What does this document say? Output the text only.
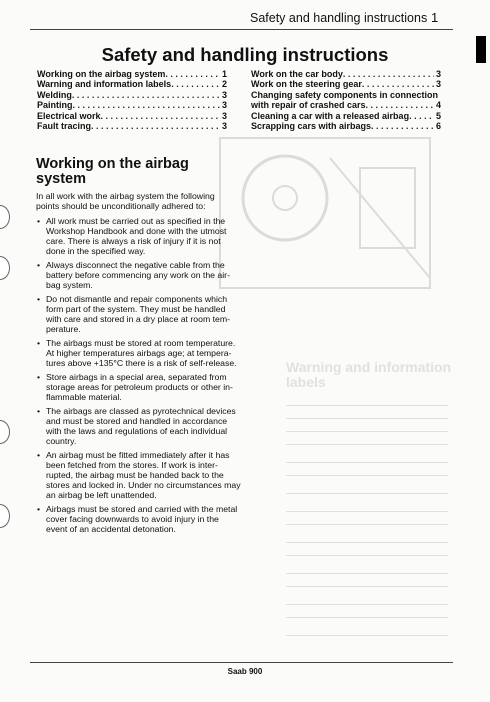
Warning and information labels
Safety and handling instructions 1
Safety and handling instructions
Working on the airbag system . . .	1
Warning and information labels . . .	2
Welding . . .	3
Painting . . .	3
Electrical work . . .	3
Fault tracing . . .	3
Work on the car body . . .	3
Work on the steering gear . . .	3
Changing safety components in connection
with repair of crashed cars . . .	4
Cleaning a car with a released airbag . . .	5
Scrapping cars with airbags . . .	6
Working on the airbag
system
In all work with the airbag system the following points should be unconditionally adhered to:
• All work must be carried out as specified in the Workshop Handbook and done with the utmost care. There is always a risk of injury if it is not done in the specified way.
• Always disconnect the negative cable from the battery before commencing any work on the air-bag system.
• Do not dismantle and repair components which form part of the system. They must be handled with care and stored in a dry place at room tem-perature.
• The airbags must be stored at room temperature. At higher temperatures airbags age; at tempera-tures above +135°C there is a risk of self-release.
• Store airbags in a special area, separated from storage areas for petroleum products or other in-flammable material.
• The airbags are classed as pyrotechnical devices and must be stored and handled in accordance with the laws and regulations of each individual country.
• An airbag must be fitted immediately after it has been fetched from the stores. If work is inter-rupted, the airbag must be handed back to the stores and locked in. Under no circumstances may an airbag be left unattended.
• Airbags must be stored and carried with the metal cover facing downwards to avoid injury in the event of an accidental detonation.
Saab 900
